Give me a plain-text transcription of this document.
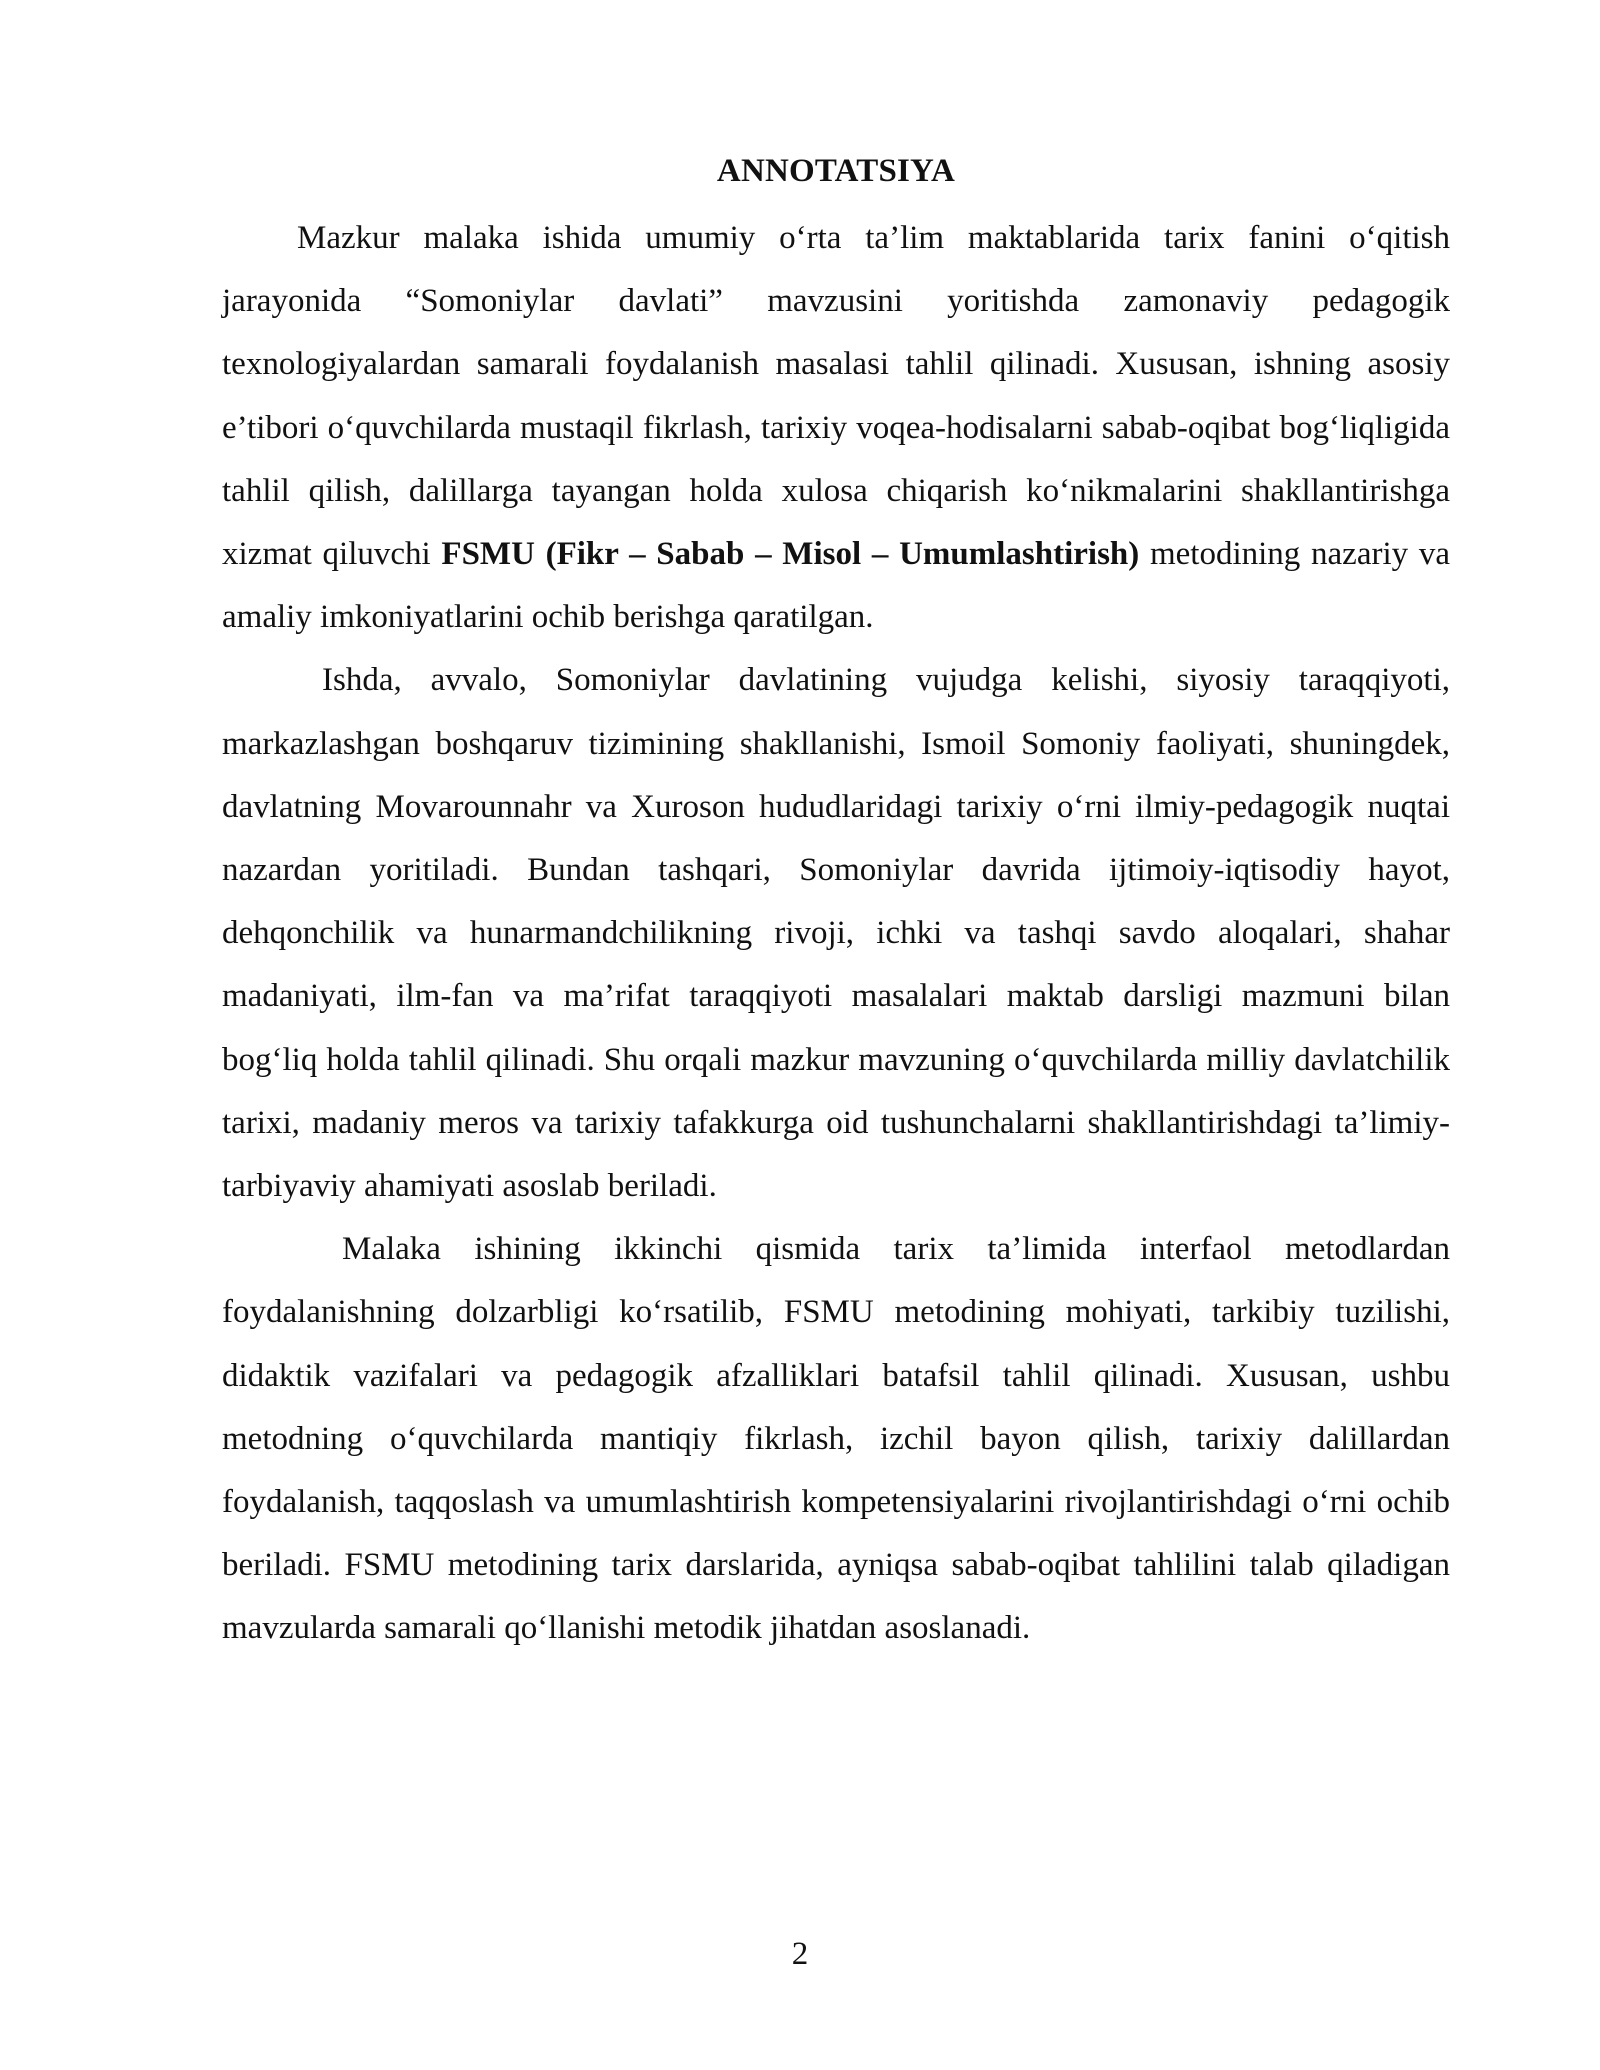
ANNOTATSIYA

Mazkur malaka ishida umumiy o‘rta ta’lim maktablarida tarix fanini o‘qitish jarayonida “Somoniylar davlati” mavzusini yoritishda zamonaviy pedagogik texnologiyalardan samarali foydalanish masalasi tahlil qilinadi. Xususan, ishning asosiy e’tibori o‘quvchilarda mustaqil fikrlash, tarixiy voqea-hodisalarni sabab-oqibat bog‘liqligida tahlil qilish, dalillarga tayangan holda xulosa chiqarish ko‘nikmalarini shakllantirishga xizmat qiluvchi FSMU (Fikr – Sabab – Misol – Umumlashtirish) metodining nazariy va amaliy imkoniyatlarini ochib berishga qaratilgan.

Ishda, avvalo, Somoniylar davlatining vujudga kelishi, siyosiy taraqqiyoti, markazlashgan boshqaruv tizimining shakllanishi, Ismoil Somoniy faoliyati, shuningdek, davlatning Movarounnahr va Xuroson hududlaridagi tarixiy o‘rni ilmiy-pedagogik nuqtai nazardan yoritiladi. Bundan tashqari, Somoniylar davrida ijtimoiy-iqtisodiy hayot, dehqonchilik va hunarmandchilikning rivoji, ichki va tashqi savdo aloqalari, shahar madaniyati, ilm-fan va ma’rifat taraqqiyoti masalalari maktab darsligi mazmuni bilan bog‘liq holda tahlil qilinadi. Shu orqali mazkur mavzuning o‘quvchilarda milliy davlatchilik tarixi, madaniy meros va tarixiy tafakkurga oid tushunchalarni shakllantirishdagi ta’limiy-tarbiyaviy ahamiyati asoslab beriladi.

Malaka ishining ikkinchi qismida tarix ta’limida interfaol metodlardan foydalanishning dolzarbligi ko‘rsatilib, FSMU metodining mohiyati, tarkibiy tuzilishi, didaktik vazifalari va pedagogik afzalliklari batafsil tahlil qilinadi. Xususan, ushbu metodning o‘quvchilarda mantiqiy fikrlash, izchil bayon qilish, tarixiy dalillardan foydalanish, taqqoslash va umumlashtirish kompetensiyalarini rivojlantirishdagi o‘rni ochib beriladi. FSMU metodining tarix darslarida, ayniqsa sabab-oqibat tahlilini talab qiladigan mavzularda samarali qo‘llanishi metodik jihatdan asoslanadi.

2
